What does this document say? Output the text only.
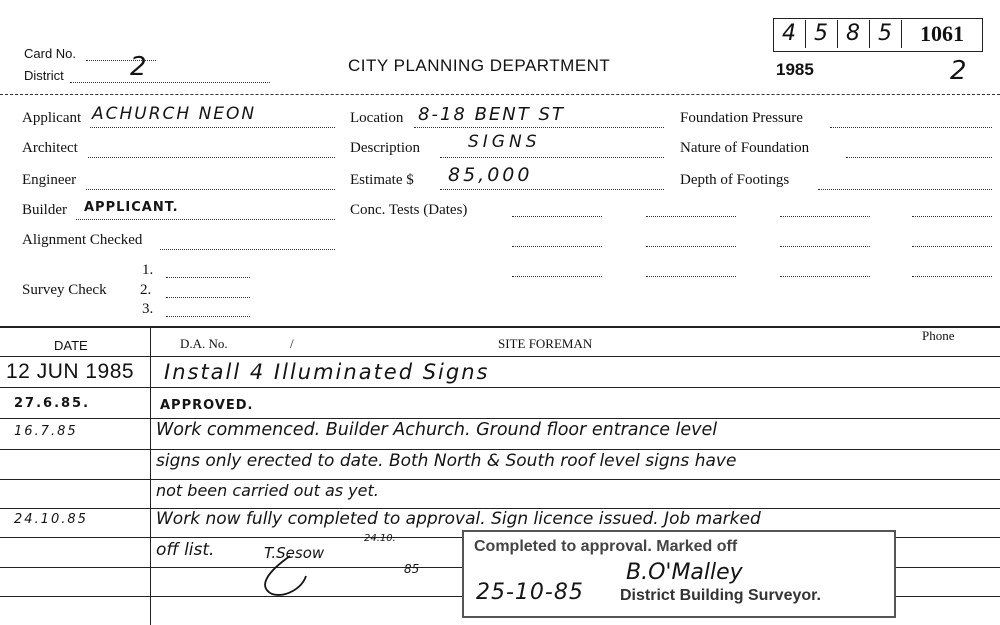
Card No.
District	2	CITY PLANNING DEPARTMENT
4 5 8 5	1061
1985	2
Applicant ACHURCH NEON
Architect
Engineer
Builder APPLICANT.
Alignment Checked
Survey Check
1.
2.
3.
Location 8-18 BENT ST
Description	SIGNS
Estimate $ 85,000
Conc. Tests (Dates)
Foundation Pressure
Nature of Foundation
Depth of Footings
DATE	D.A. No.	/	SITE FOREMAN
Phone
12 JUN 1985 Install 4 Illuminated Signs
27.6.85.	APPROVED.
16.7.85	Work commenced. Builder Achurch. Ground floor entrance level
signs only erected to date. Both North & South roof level signs have
not been carried out as yet.
24.10.85	Work now fully completed to approval. Sign licence issued. Job marked
off list.	T.Sesow
24.10.
85
Completed to approval. Marked off
B.O'Malley
25-10-85 District Building Surveyor.
